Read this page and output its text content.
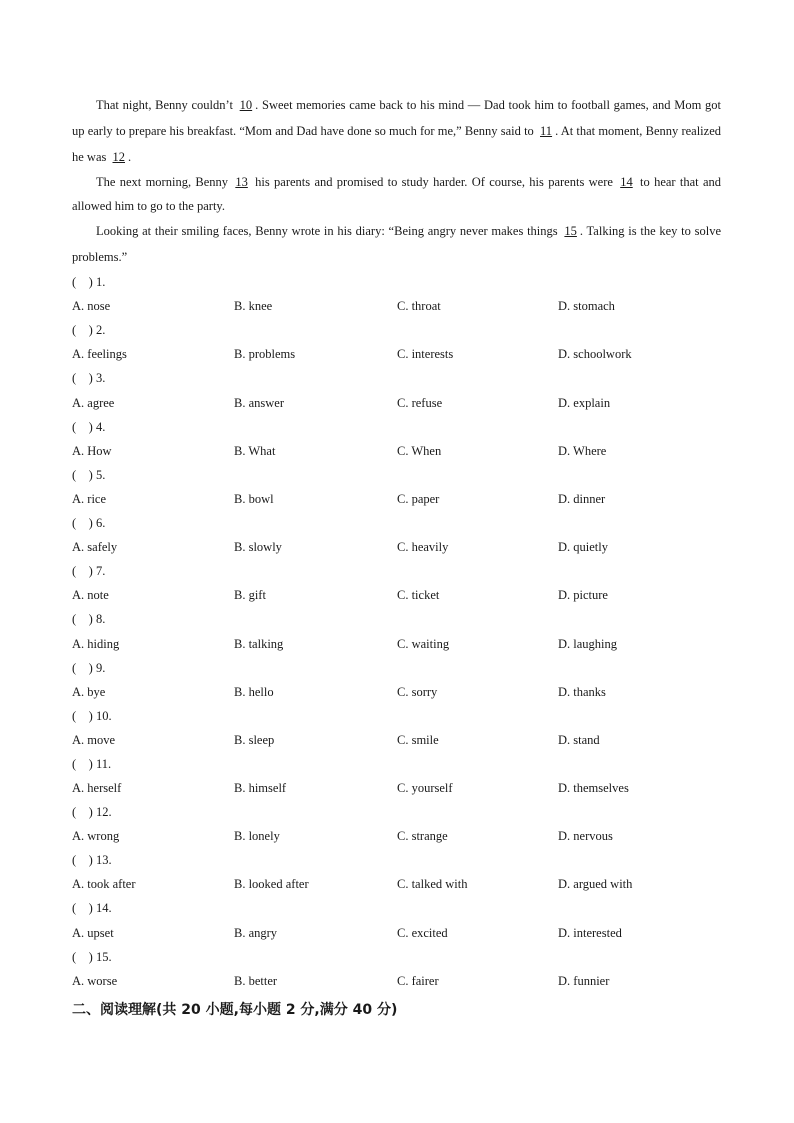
That night, Benny couldn’t 10 . Sweet memories came back to his mind — Dad took him to football games, and Mom got up early to prepare his breakfast. “Mom and Dad have done so much for me,” Benny said to 11 . At that moment, Benny realized he was 12 .

The next morning, Benny 13 his parents and promised to study harder. Of course, his parents were 14 to hear that and allowed him to go to the party.

Looking at their smiling faces, Benny wrote in his diary: “Being angry never makes things 15 . Talking is the key to solve problems.”

(　) 1.
A. nose	B. knee	C. throat	D. stomach
(　) 2.
A. feelings	B. problems	C. interests	D. schoolwork
(　) 3.
A. agree	B. answer	C. refuse	D. explain
(　) 4.
A. How	B. What	C. When	D. Where
(　) 5.
A. rice	B. bowl	C. paper	D. dinner
(　) 6.
A. safely	B. slowly	C. heavily	D. quietly
(　) 7.
A. note	B. gift	C. ticket	D. picture
(　) 8.
A. hiding	B. talking	C. waiting	D. laughing
(　) 9.
A. bye	B. hello	C. sorry	D. thanks
(　) 10.
A. move	B. sleep	C. smile	D. stand
(　) 11.
A. herself	B. himself	C. yourself	D. themselves
(　) 12.
A. wrong	B. lonely	C. strange	D. nervous
(　) 13.
A. took after	B. looked after	C. talked with	D. argued with
(　) 14.
A. upset	B. angry	C. excited	D. interested
(　) 15.
A. worse	B. better	C. fairer	D. funnier
二、阅读理解(共 20 小题,每小题 2 分,满分 40 分)
